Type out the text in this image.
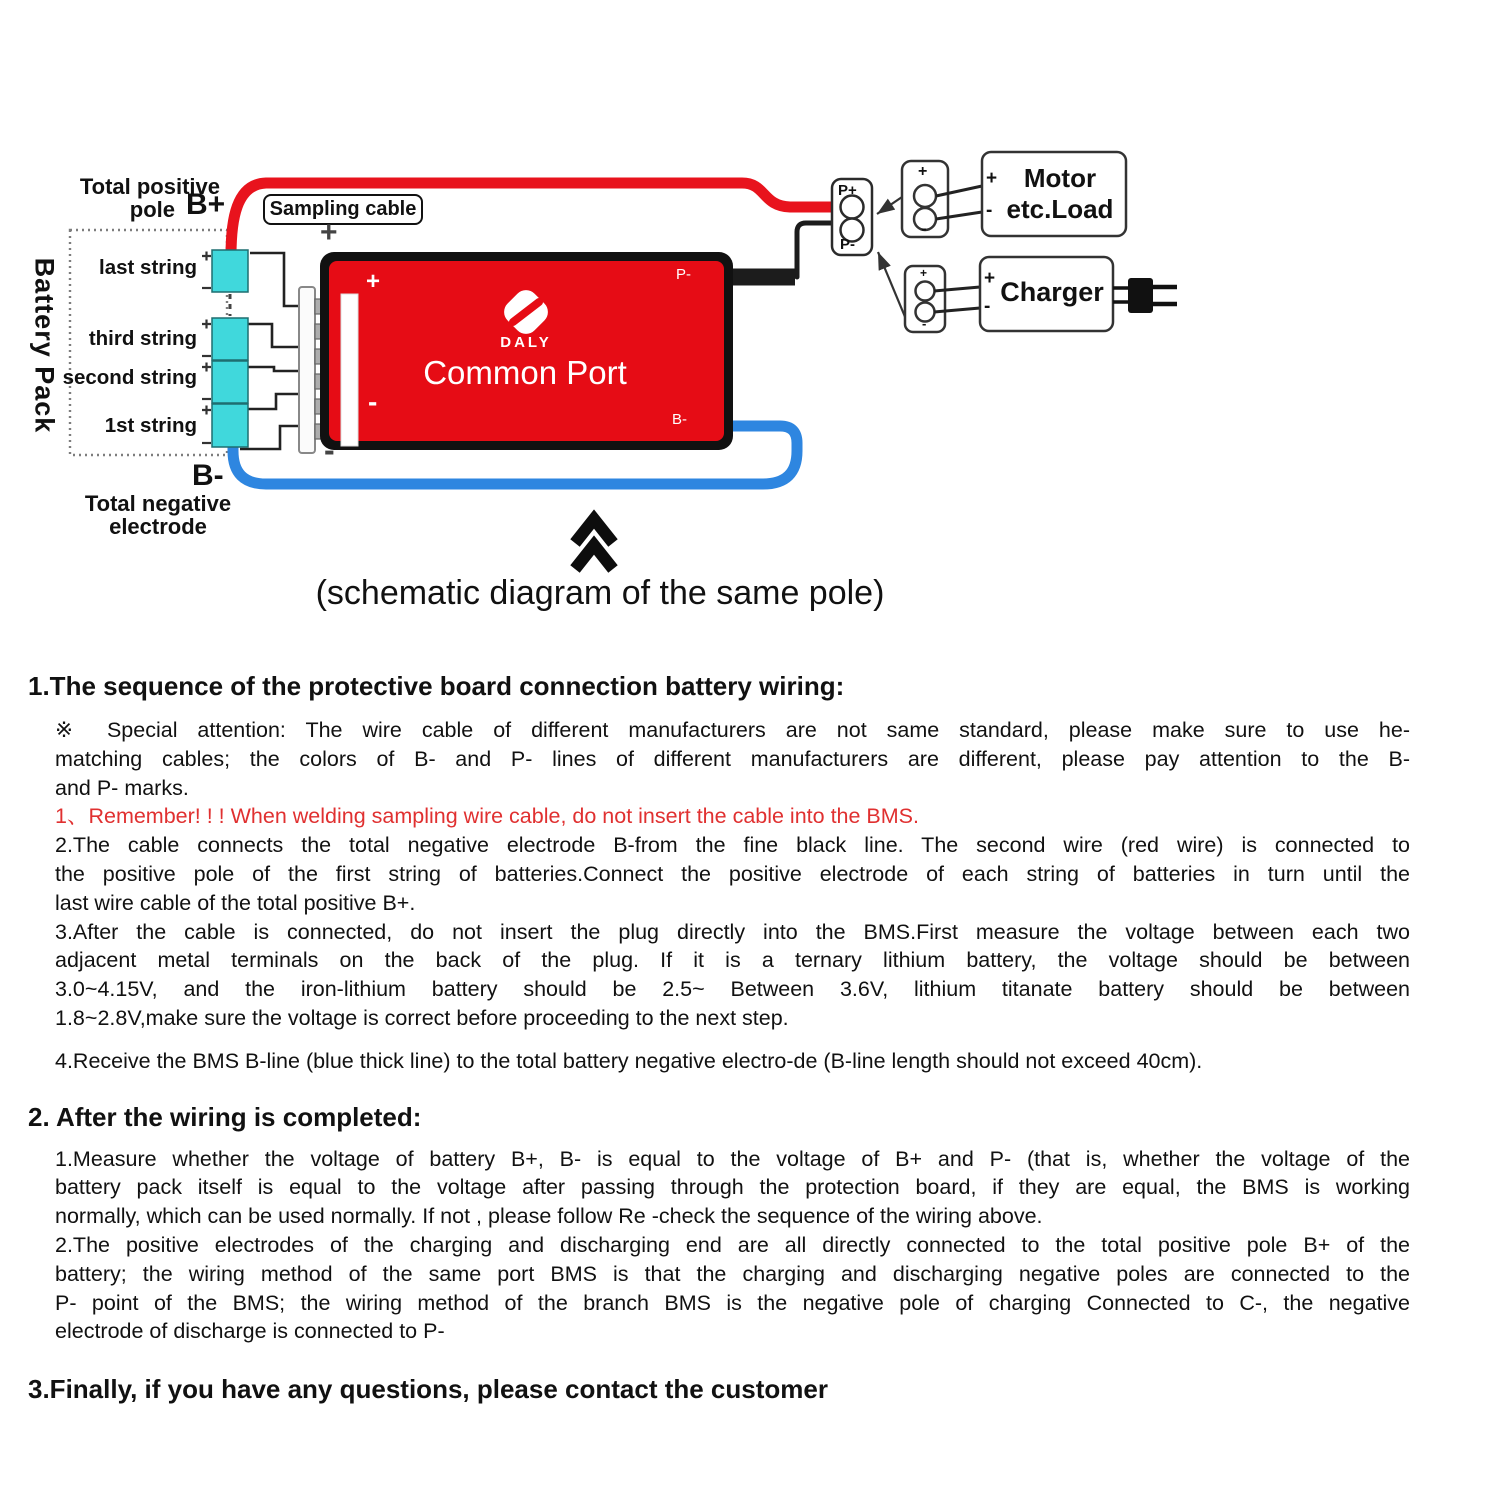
Total positive
pole B+	Sampling cable
Battery Pack	last string
third string
second string
1st string
B-
Total negative
electrode
+
-
+
-
P-
B-
DALY
Common Port
P+
P-
+
-
+
-
Motor
etc.Load
+
-
+
- Charger
(schematic diagram of the same pole)
1.The sequence of the protective board connection battery wiring:
※ Special attention: The wire cable of different manufacturers are not same standard, please make sure to use he-
matching cables; the colors of B- and P- lines of different manufacturers are different, please pay attention to the B-
and P- marks.
1、Remember! ! ! When welding sampling wire cable, do not insert the cable into the BMS.
2.The cable connects the total negative electrode B-from the fine black line. The second wire (red wire) is connected to
the positive pole of the first string of batteries.Connect the positive electrode of each string of batteries in turn until the
last wire cable of the total positive B+.
3.After the cable is connected, do not insert the plug directly into the BMS.First measure the voltage between each two
adjacent metal terminals on the back of the plug. If it is a ternary lithium battery, the voltage should be between
3.0~4.15V, and the iron-lithium battery should be 2.5~ Between 3.6V, lithium titanate battery should be between
1.8~2.8V,make sure the voltage is correct before proceeding to the next step.
4.Receive the BMS B-line (blue thick line) to the total battery negative electro-de (B-line length should not exceed 40cm).
2. After the wiring is completed:
1.Measure whether the voltage of battery B+, B- is equal to the voltage of B+ and P- (that is, whether the voltage of the
battery pack itself is equal to the voltage after passing through the protection board, if they are equal, the BMS is working
normally, which can be used normally. If not , please follow Re -check the sequence of the wiring above.
2.The positive electrodes of the charging and discharging end are all directly connected to the total positive pole B+ of the
battery; the wiring method of the same port BMS is that the charging and discharging negative poles are connected to the
P- point of the BMS; the wiring method of the branch BMS is the negative pole of charging Connected to C-, the negative
electrode of discharge is connected to P-
3.Finally, if you have any questions, please contact the customer
